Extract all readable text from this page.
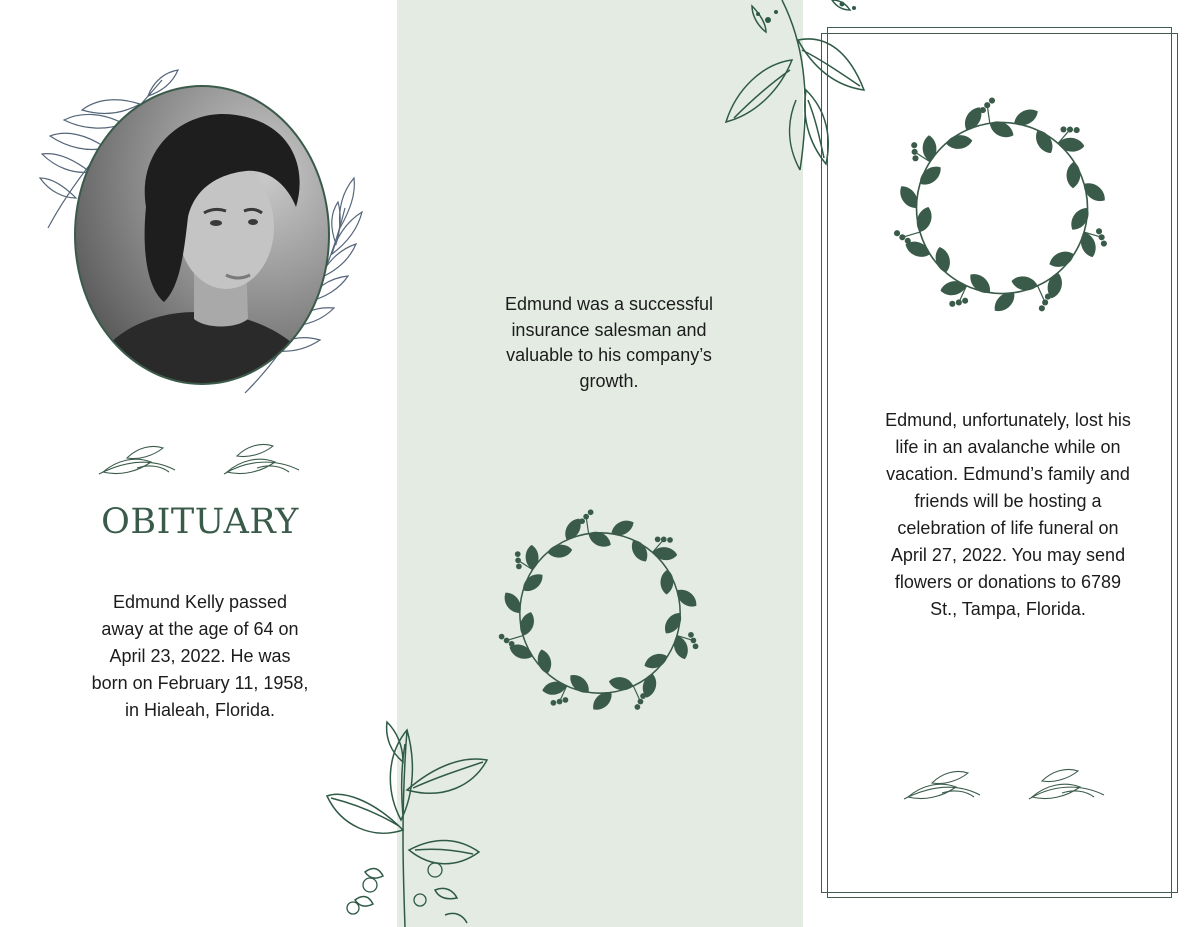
OBITUARY

Edmund Kelly passed away at the age of 64 on April 23, 2022. He was born on February 11, 1958, in Hialeah, Florida.

Edmund was a successful insurance salesman and valuable to his company’s growth.

Edmund, unfortunately, lost his life in an avalanche while on vacation. Edmund’s family and friends will be hosting a celebration of life funeral on April 27, 2022. You may send flowers or donations to 6789 St., Tampa, Florida.
